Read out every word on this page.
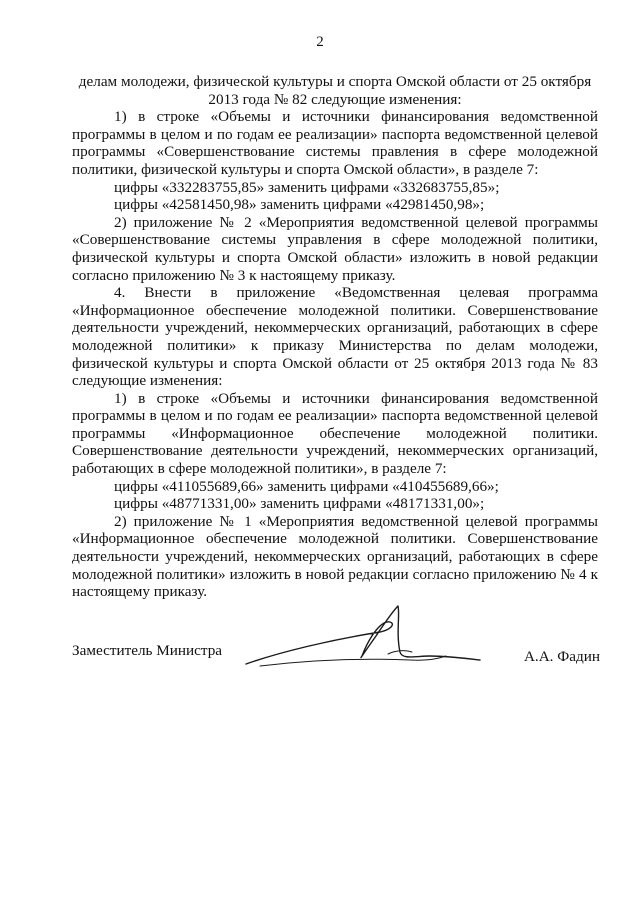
2

делам молодежи, физической культуры и спорта Омской области от 25 октября

2013 года № 82 следующие изменения:

1) в строке «Объемы и источники финансирования ведомственной программы в целом и по годам ее реализации» паспорта ведомственной целевой программы «Совершенствование системы правления в сфере молодежной политики, физической культуры и спорта Омской области», в разделе 7:

цифры «332283755,85» заменить цифрами «332683755,85»;

цифры «42581450,98» заменить цифрами «42981450,98»;

2) приложение № 2 «Мероприятия ведомственной целевой программы «Совершенствование системы управления в сфере молодежной политики, физической культуры и спорта Омской области» изложить в новой редакции согласно приложению № 3 к настоящему приказу.

4. Внести в приложение «Ведомственная целевая программа «Информационное обеспечение молодежной политики. Совершенствование деятельности учреждений, некоммерческих организаций, работающих в сфере молодежной политики» к приказу Министерства по делам молодежи, физической культуры и спорта Омской области от 25 октября 2013 года № 83 следующие изменения:

1) в строке «Объемы и источники финансирования ведомственной программы в целом и по годам ее реализации» паспорта ведомственной целевой программы «Информационное обеспечение молодежной политики. Совершенствование деятельности учреждений, некоммерческих организаций, работающих в сфере молодежной политики», в разделе 7:

цифры «411055689,66» заменить цифрами «410455689,66»;

цифры «48771331,00» заменить цифрами «48171331,00»;

2) приложение № 1 «Мероприятия ведомственной целевой программы «Информационное обеспечение молодежной политики. Совершенствование деятельности учреждений, некоммерческих организаций, работающих в сфере молодежной политики» изложить в новой редакции согласно приложению № 4 к настоящему приказу.

Заместитель Министра	А.А. Фадин
